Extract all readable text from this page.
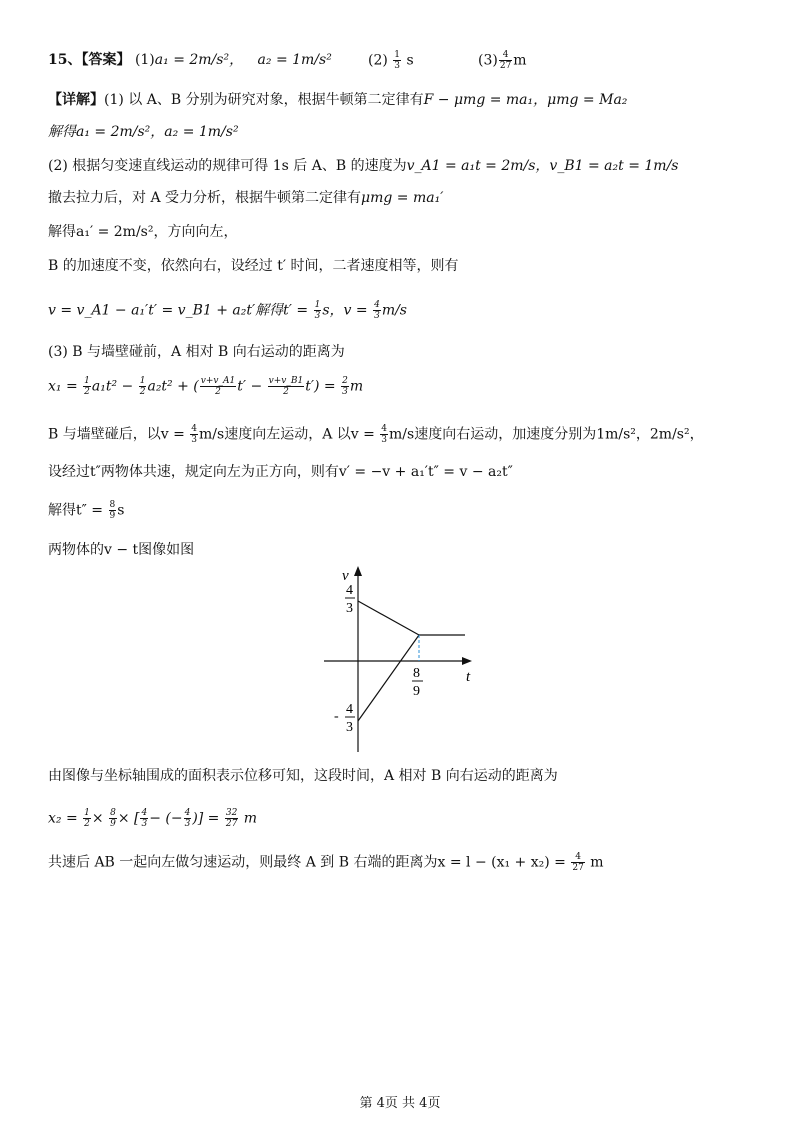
15、【答案】 (1)a₁ = 2m/s²， a₂ = 1m/s²	$(2) \frac{1}{3}$ s	$(3) \frac{4}{27}$ m
【详解】(1) 以 A、B 分别为研究对象，根据牛顿第二定律有F − μmg = ma₁，μmg = Ma₂
解得a₁ = 2m/s²，a₂ = 1m/s²
(2) 根据匀变速直线运动的规律可得 1s 后 A、B 的速度为v_A1 = a₁t = 2m/s，v_B1 = a₂t = 1m/s
撤去拉力后，对 A 受力分析，根据牛顿第二定律有μmg = ma₁′
解得a₁′ = 2m/s²，方向向左，
B 的加速度不变，依然向右，设经过 t′ 时间，二者速度相等，则有
v = v_A1 − a₁′t′ = v_B1 + a₂t′解得$t' = \frac{1}{3}$ s，$v = \frac{4}{3} m/s$
(3) B 与墙壁碰前，A 相对 B 向右运动的距离为
$x_1 = \frac{1}{2} a_1t^2 - \frac{1}{2} a_2t^2$ + ( $\frac{v+v\_A1}{2} t' - \frac{v+v\_B1}{2} t') = \frac{2}{3}$ m
B 与墙壁碰后，以$v = \frac{4}{3} m/s$速度向左运动，A 以$v = \frac{4}{3} m/s$速度向右运动，加速度分别为1m/s²，2m/s²，
设经过t″两物体共速，规定向左为正方向，则有v′ = −v + a₁′t″ = v − a₂t″
解得$t'' = \frac{8}{9}$ s
两物体的v − t图像如图
v
t
4
3
- 4
3
8
9
由图像与坐标轴围成的面积表示位移可知，这段时间，A 相对 B 向右运动的距离为
$x_2 = \frac{1}{2} \times \frac{8}{9}$ × [ $\frac{4}{3}$ − (− $\frac{4}{3}$ )] = $\frac{32}{27}$ m
共速后 AB 一起向左做匀速运动，则最终 A 到 B 右端的距离为$x = l - (x_1 + x_2) = \frac{4}{27}$ m
第 4页 共 4页
